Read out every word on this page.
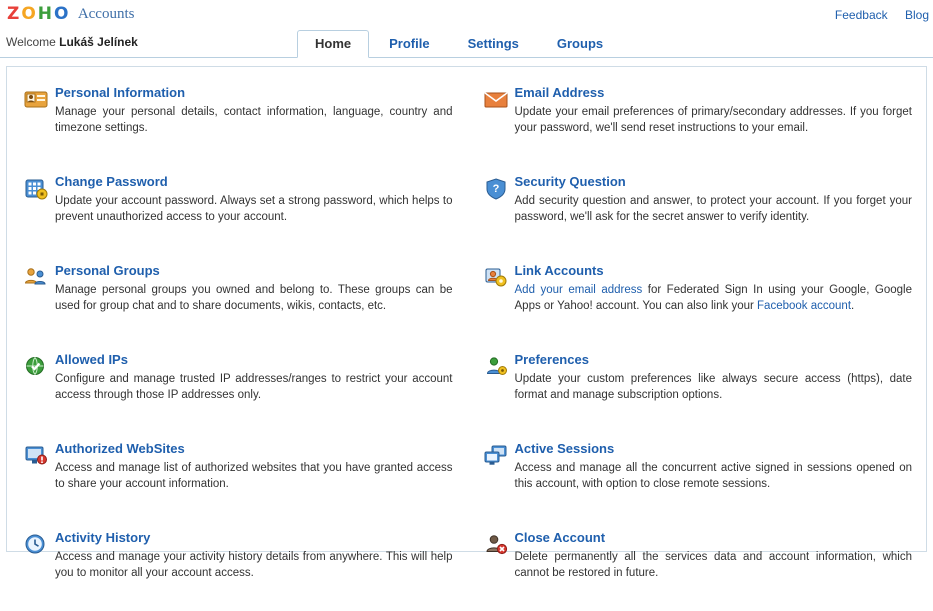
Z O H O Accounts	Feedback Blog
Welcome Lukáš Jelínek	Home	Profile	Settings	Groups
Personal Information
Manage your personal details, contact information, language, country and timezone settings.
Email Address
Update your email preferences of primary/secondary addresses. If you forget your password, we'll send reset instructions to your email.
Change Password
Update your account password. Always set a strong password, which helps to prevent unauthorized access to your account.
?	Security Question
Add security question and answer, to protect your account. If you forget your password, we'll ask for the secret answer to verify identity.
Personal Groups
Manage personal groups you owned and belong to. These groups can be used for group chat and to share documents, wikis, contacts, etc.
Link Accounts
Add your email address for Federated Sign In using your Google, Google Apps or Yahoo! account. You can also link your Facebook account.
Allowed IPs
Configure and manage trusted IP addresses/ranges to restrict your account access through those IP addresses only.
Preferences
Update your custom preferences like always secure access (https), date format and manage subscription options.
Authorized WebSites
Access and manage list of authorized websites that you have granted access to share your account information.
Active Sessions
Access and manage all the concurrent active signed in sessions opened on this account, with option to close remote sessions.
Activity History
Access and manage your activity history details from anywhere. This will help you to monitor all your account access.
Close Account
Delete permanently all the services data and account information, which cannot be restored in future.
